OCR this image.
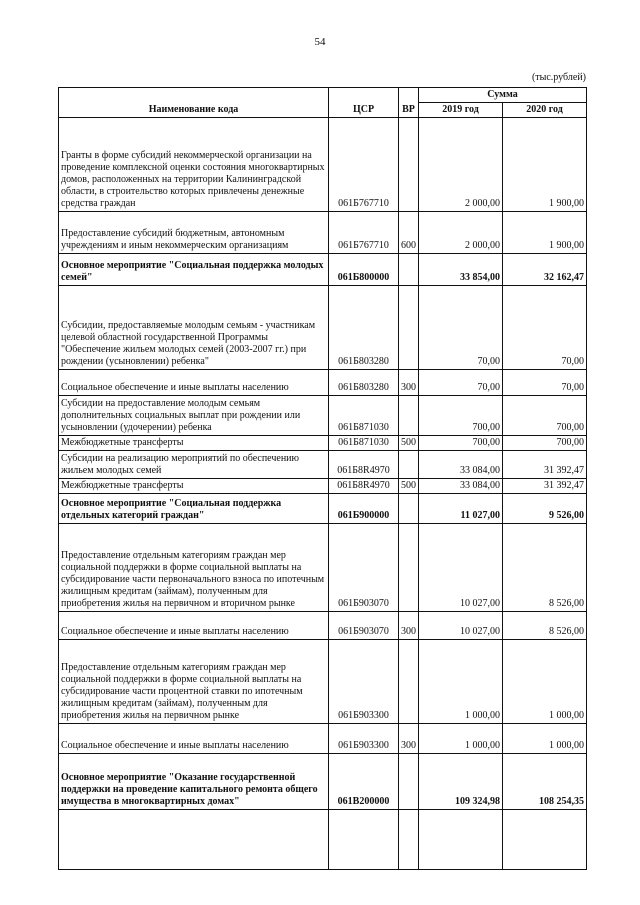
54
(тыс.рублей)
Наименование кода	ЦСР	ВР	Сумма	
			2019 год	2020 год
Гранты в форме субсидий некоммерческой организации на проведение комплексной оценки состояния многоквартирных домов, расположенных на территории Калининградской области, в строительство которых привлечены денежные средства граждан	061Б767710		2 000,00	1 900,00
Предоставление субсидий бюджетным, автономным учреждениям и иным некоммерческим организациям	061Б767710	600	2 000,00	1 900,00
Основное мероприятие "Социальная поддержка молодых семей"	061Б800000		33 854,00	32 162,47
Субсидии, предоставляемые молодым семьям - участникам целевой областной государственной Программы "Обеспечение жильем молодых семей (2003-2007 гг.) при рождении (усыновлении) ребенка"	061Б803280		70,00	70,00
Социальное обеспечение и иные выплаты населению	061Б803280	300	70,00	70,00
Субсидии на предоставление молодым семьям дополнительных социальных выплат при рождении или усыновлении (удочерении) ребенка	061Б871030		700,00	700,00
Межбюджетные трансферты	061Б871030	500	700,00	700,00
Субсидии на реализацию мероприятий по обеспечению жильем молодых семей	061Б8R4970		33 084,00	31 392,47
Межбюджетные трансферты	061Б8R4970	500	33 084,00	31 392,47
Основное мероприятие "Социальная поддержка отдельных категорий граждан"	061Б900000		11 027,00	9 526,00
Предоставление отдельным категориям граждан мер социальной поддержки в форме социальной выплаты на субсидирование части первоначального взноса по ипотечным жилищным кредитам (займам), полученным для приобретения жилья на первичном и вторичном рынке	061Б903070		10 027,00	8 526,00
Социальное обеспечение и иные выплаты населению	061Б903070	300	10 027,00	8 526,00
Предоставление отдельным категориям граждан мер социальной поддержки в форме социальной выплаты на субсидирование части процентной ставки по ипотечным жилищным кредитам (займам), полученным для приобретения жилья на первичном рынке	061Б903300		1 000,00	1 000,00
Социальное обеспечение и иные выплаты населению	061Б903300	300	1 000,00	1 000,00
Основное мероприятие "Оказание государственной поддержки на проведение капитального ремонта общего имущества в многоквартирных домах"	061В200000		109 324,98	108 254,35
